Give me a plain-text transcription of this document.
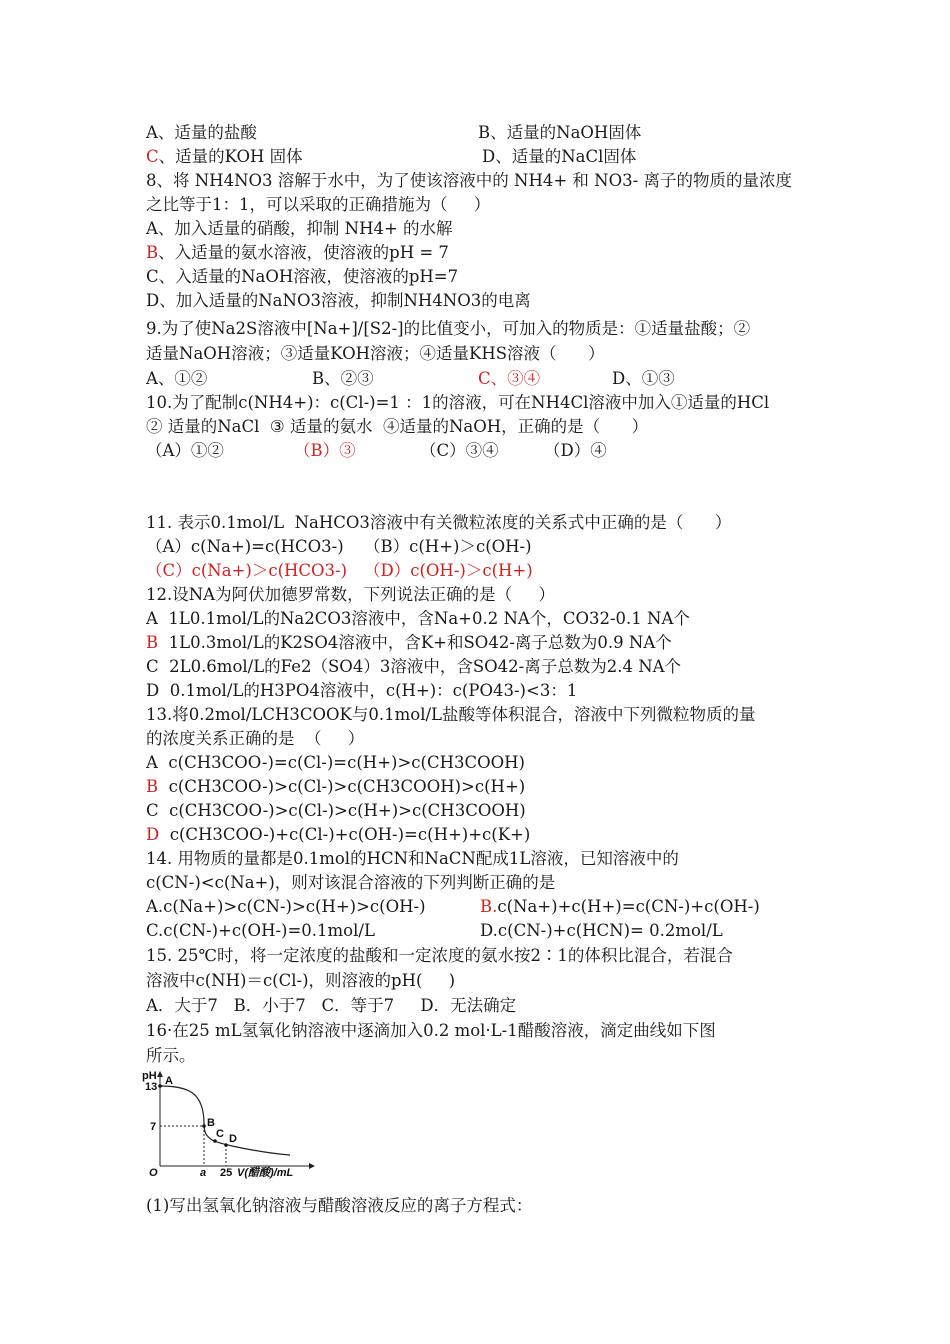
A、适量的盐酸	B、适量的NaOH固体
C、适量的KOH 固体	D、适量的NaCl固体
8、将 NH4NO3 溶解于水中，为了使该溶液中的 NH4+ 和 NO3- 离子的物质的量浓度
之比等于1：1，可以采取的正确措施为（     ）
A、加入适量的硝酸，抑制 NH4+ 的水解
B、入适量的氨水溶液，使溶液的pH = 7
C、入适量的NaOH溶液，使溶液的pH=7
D、加入适量的NaNO3溶液，抑制NH4NO3的电离
9.为了使Na2S溶液中[Na+]/[S2-]的比值变小，可加入的物质是：①适量盐酸；②
适量NaOH溶液；③适量KOH溶液；④适量KHS溶液（      ）
A、①②	B、②③	C、③④	D、①③
10.为了配制c(NH4+)：c(Cl-)=1 ：1的溶液，可在NH4Cl溶液中加入①适量的HCl
② 适量的NaCl  ③ 适量的氨水  ④适量的NaOH，正确的是（      ）
（A）①②	（B）③	（C）③④	（D）④
11. 表示0.1mol/L  NaHCO3溶液中有关微粒浓度的关系式中正确的是（      ）
（A）c(Na+)=c(HCO3-) （B）c(H+)＞c(OH-)
（C）c(Na+)＞c(HCO3-) （D）c(OH-)＞c(H+)
12.设NA为阿伏加德罗常数，下列说法正确的是（     ）
A  1L0.1mol/L的Na2CO3溶液中，含Na+0.2 NA个，CO32-0.1 NA个
B  1L0.3mol/L的K2SO4溶液中，含K+和SO42-离子总数为0.9 NA个
C  2L0.6mol/L的Fe2（SO4）3溶液中，含SO42-离子总数为2.4 NA个
D  0.1mol/L的H3PO4溶液中，c(H+)：c(PO43-)<3：1
13.将0.2mol/LCH3COOK与0.1mol/L盐酸等体积混合，溶液中下列微粒物质的量
的浓度关系正确的是  （     ）
A  c(CH3COO-)=c(Cl-)=c(H+)>c(CH3COOH)
B  c(CH3COO-)>c(Cl-)>c(CH3COOH)>c(H+)
C  c(CH3COO-)>c(Cl-)>c(H+)>c(CH3COOH)
D  c(CH3COO-)+c(Cl-)+c(OH-)=c(H+)+c(K+)
14. 用物质的量都是0.1mol的HCN和NaCN配成1L溶液，已知溶液中的
c(CN-)<c(Na+)，则对该混合溶液的下列判断正确的是
A.c(Na+)>c(CN-)>c(H+)>c(OH-)	B.c(Na+)+c(H+)=c(CN-)+c(OH-)
C.c(CN-)+c(OH-)=0.1mol/L	D.c(CN-)+c(HCN)= 0.2mol/L
15. 25℃时，将一定浓度的盐酸和一定浓度的氨水按2∶1的体积比混合，若混合
溶液中c(NH)＝c(Cl-)，则溶液的pH(     )
A．大于7   B．小于7   C．等于7     D．无法确定
16·在25 mL氢氧化钠溶液中逐滴加入0.2 mol·L-1醋酸溶液，滴定曲线如下图
所示。
pH
13
7
O	a 25 V(醋酸)/mL
A
B
C D
(1)写出氢氧化钠溶液与醋酸溶液反应的离子方程式：
